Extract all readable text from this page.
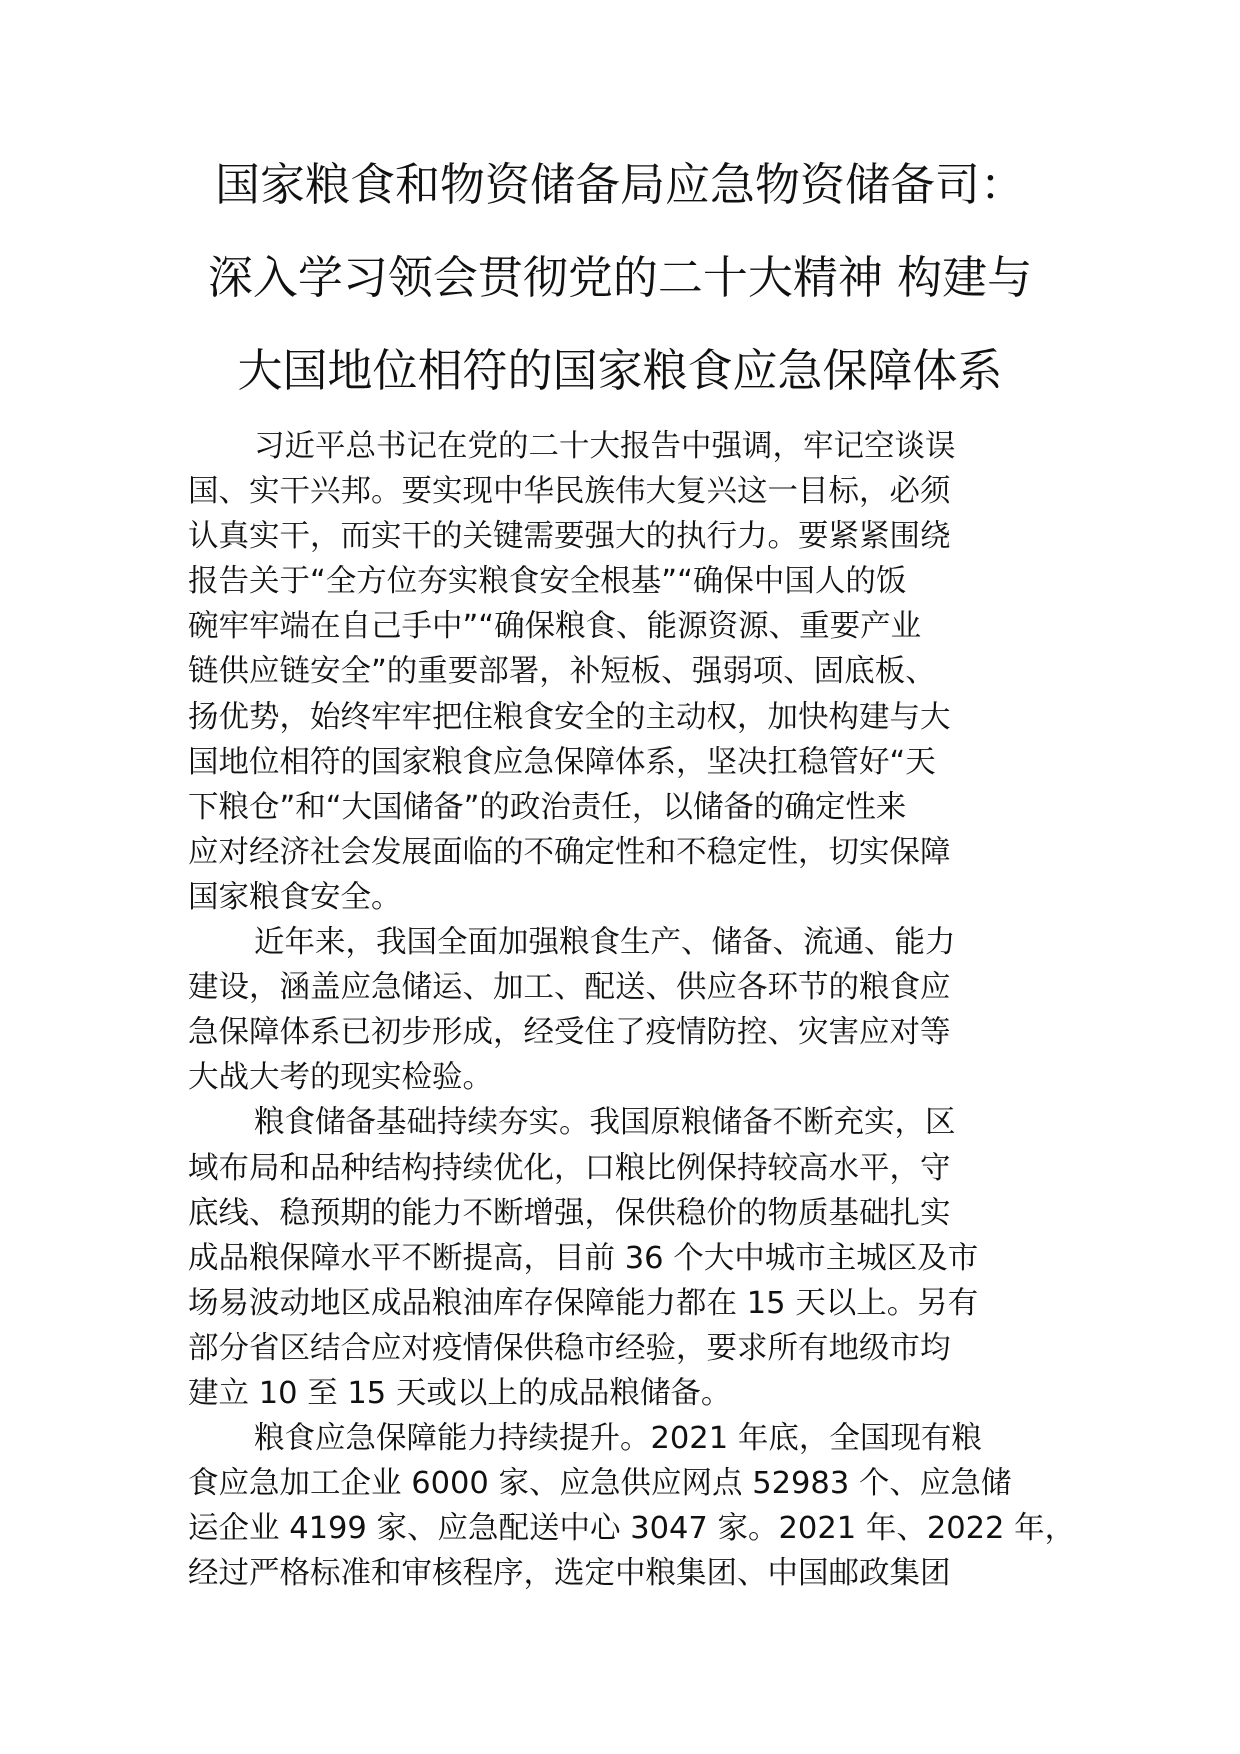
国家粮食和物资储备局应急物资储备司：
深入学习领会贯彻党的二十大精神 构建与
大国地位相符的国家粮食应急保障体系
习近平总书记在党的二十大报告中强调，牢记空谈误
国、实干兴邦。要实现中华民族伟大复兴这一目标，必须
认真实干，而实干的关键需要强大的执行力。要紧紧围绕
报告关于“全方位夯实粮食安全根基”“确保中国人的饭
碗牢牢端在自己手中”“确保粮食、能源资源、重要产业
链供应链安全”的重要部署，补短板、强弱项、固底板、
扬优势，始终牢牢把住粮食安全的主动权，加快构建与大
国地位相符的国家粮食应急保障体系，坚决扛稳管好“天
下粮仓”和“大国储备”的政治责任，以储备的确定性来
应对经济社会发展面临的不确定性和不稳定性，切实保障
国家粮食安全。
近年来，我国全面加强粮食生产、储备、流通、能力
建设，涵盖应急储运、加工、配送、供应各环节的粮食应
急保障体系已初步形成，经受住了疫情防控、灾害应对等
大战大考的现实检验。
粮食储备基础持续夯实。我国原粮储备不断充实，区
域布局和品种结构持续优化，口粮比例保持较高水平，守
底线、稳预期的能力不断增强，保供稳价的物质基础扎实
成品粮保障水平不断提高，目前 36 个大中城市主城区及市
场易波动地区成品粮油库存保障能力都在 15 天以上。另有
部分省区结合应对疫情保供稳市经验，要求所有地级市均
建立 10 至 15 天或以上的成品粮储备。
粮食应急保障能力持续提升。2021 年底，全国现有粮
食应急加工企业 6000 家、应急供应网点 52983 个、应急储
运企业 4199 家、应急配送中心 3047 家。2021 年、2022 年，
经过严格标准和审核程序，选定中粮集团、中国邮政集团
